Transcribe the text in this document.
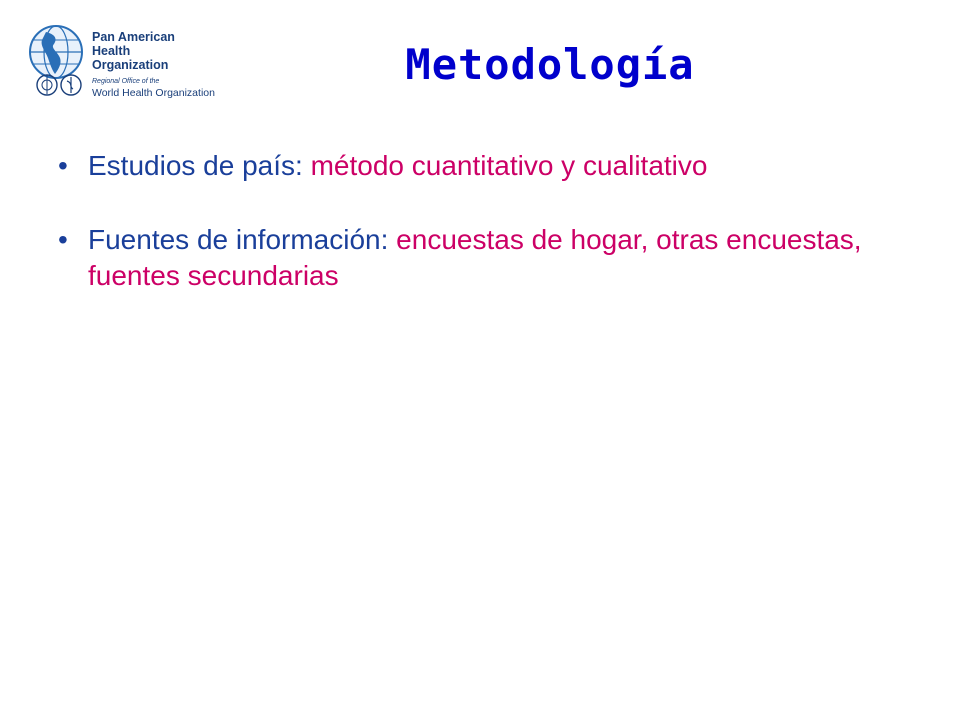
Pan American
Health
Organization
Regional Office of the
World Health Organization
Metodología
• Estudios de país: método cuantitativo y cualitativo
• Fuentes de información: encuestas de hogar, otras encuestas, fuentes secundarias
